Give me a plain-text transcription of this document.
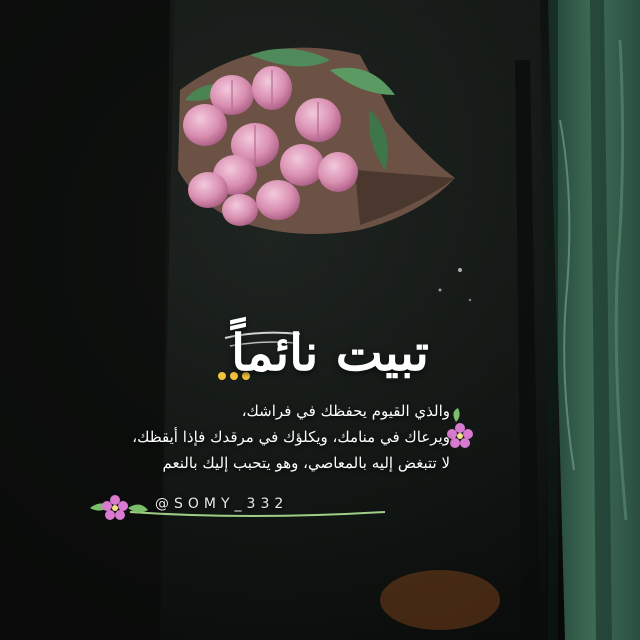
تبيت نائماً
والذي القيوم يحفظك في فراشك،
ويرعاك في منامك، ويكلؤك في مرقدك فإذا أيقظك،
لا تتبغض إليه بالمعاصي، وهو يتحبب إليك بالنعم
@SOMY_332
